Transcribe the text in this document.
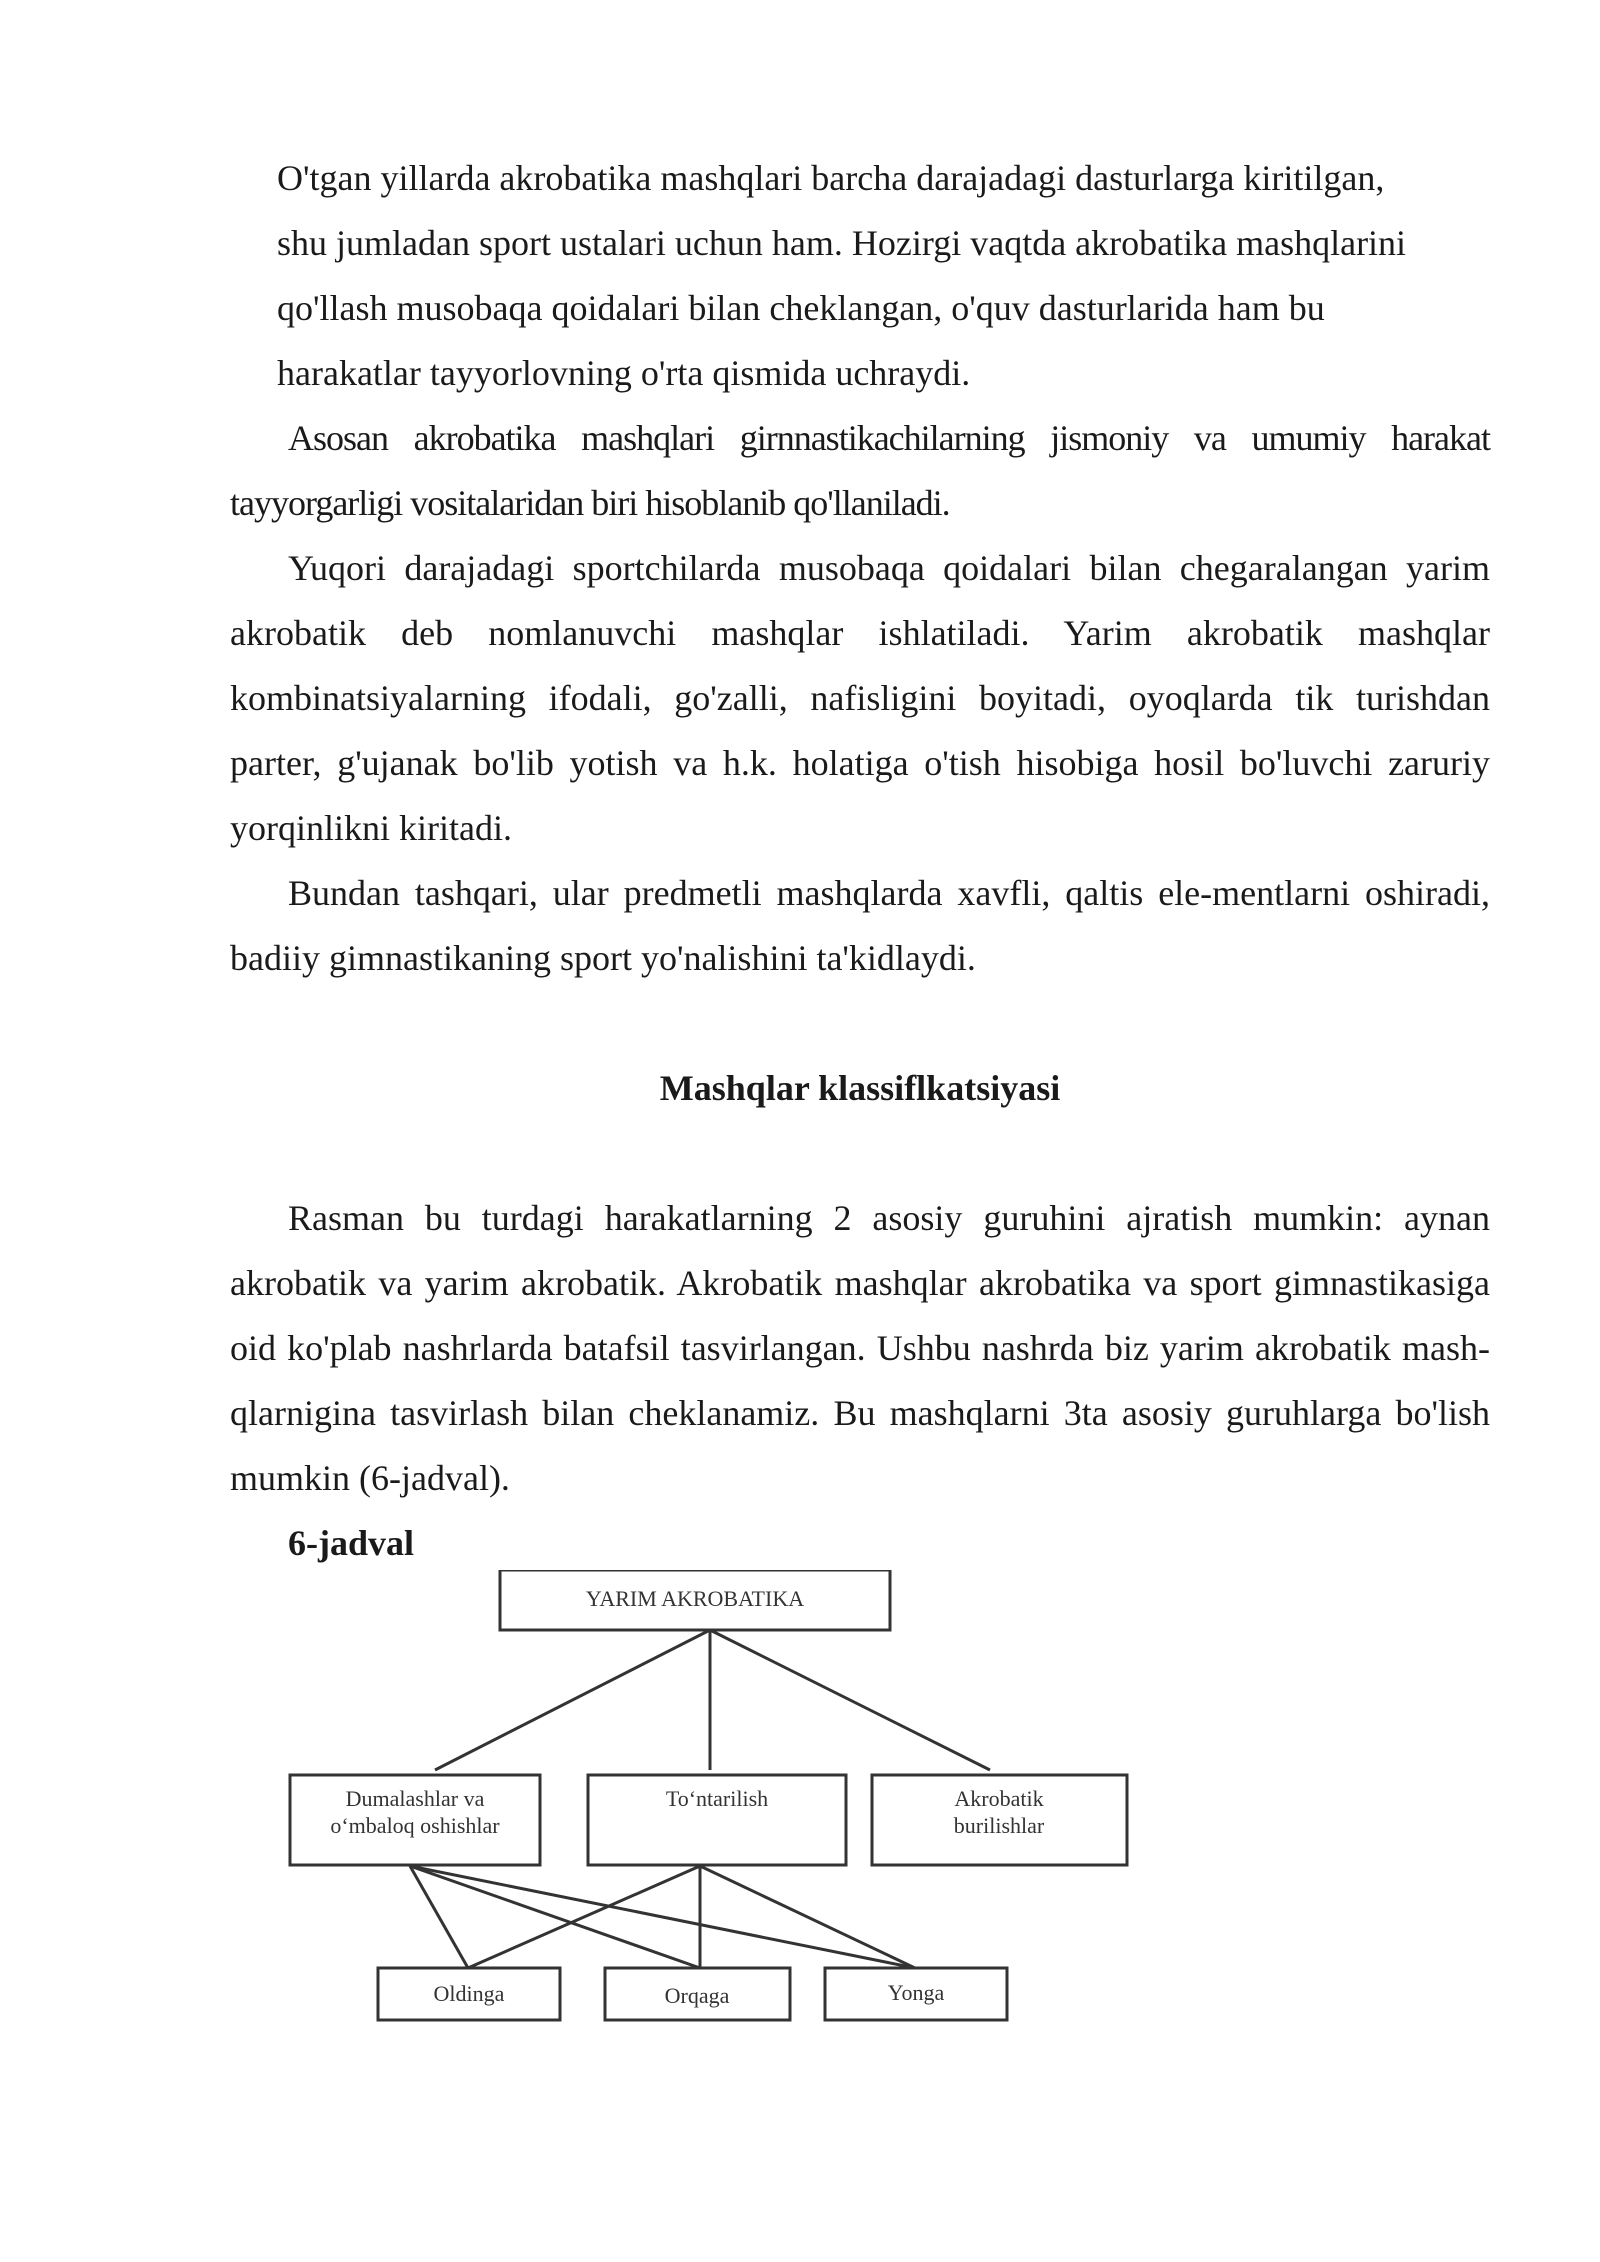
O'tgan yillarda akrobatika mashqlari barcha darajadagi dasturlarga kiritilgan,
shu jumladan sport ustalari uchun ham. Hozirgi vaqtda akrobatika mashqlarini
qo'llash musobaqa qoidalari bilan cheklangan, o'quv dasturlarida ham bu
harakatlar tayyorlovning o'rta qismida uchraydi.
Asosan akrobatika mashqlari girnnastikachilarning jismoniy va umumiy harakat tayyorgarligi vositalaridan biri hisoblanib qo'llaniladi.
Yuqori darajadagi sportchilarda musobaqa qoidalari bilan chegaralangan yarim akrobatik deb nomlanuvchi mashqlar ishlatiladi. Yarim akrobatik mashqlar kombinatsiyalarning ifodali, go'zalli, nafisligini boyitadi, oyoqlarda tik turishdan parter, g'ujanak bo'lib yotish va h.k. holatiga o'tish hisobiga hosil bo'luvchi zaruriy yorqinlikni kiritadi.
Bundan tashqari, ular predmetli mashqlarda xavfli, qaltis ele-mentlarni oshiradi, badiiy gimnastikaning sport yo'nalishini ta'kidlaydi.
Mashqlar klassiflkatsiyasi
Rasman bu turdagi harakatlarning 2 asosiy guruhini ajratish mumkin: aynan akrobatik va yarim akrobatik. Akrobatik mashqlar akrobatika va sport gimnastikasiga oid ko'plab nashrlarda batafsil tasvirlangan. Ushbu nashrda biz yarim akrobatik mash-qlarnigina tasvirlash bilan cheklanamiz. Bu mashqlarni 3ta asosiy guruhlarga bo'lish mumkin (6-jadval).
6-jadval
YARIM AKROBATIKA
Dumalashlar va
o‘mbaloq oshishlar
To‘ntarilish	Akrobatik
burilishlar
Oldinga	Orqaga	Yonga
